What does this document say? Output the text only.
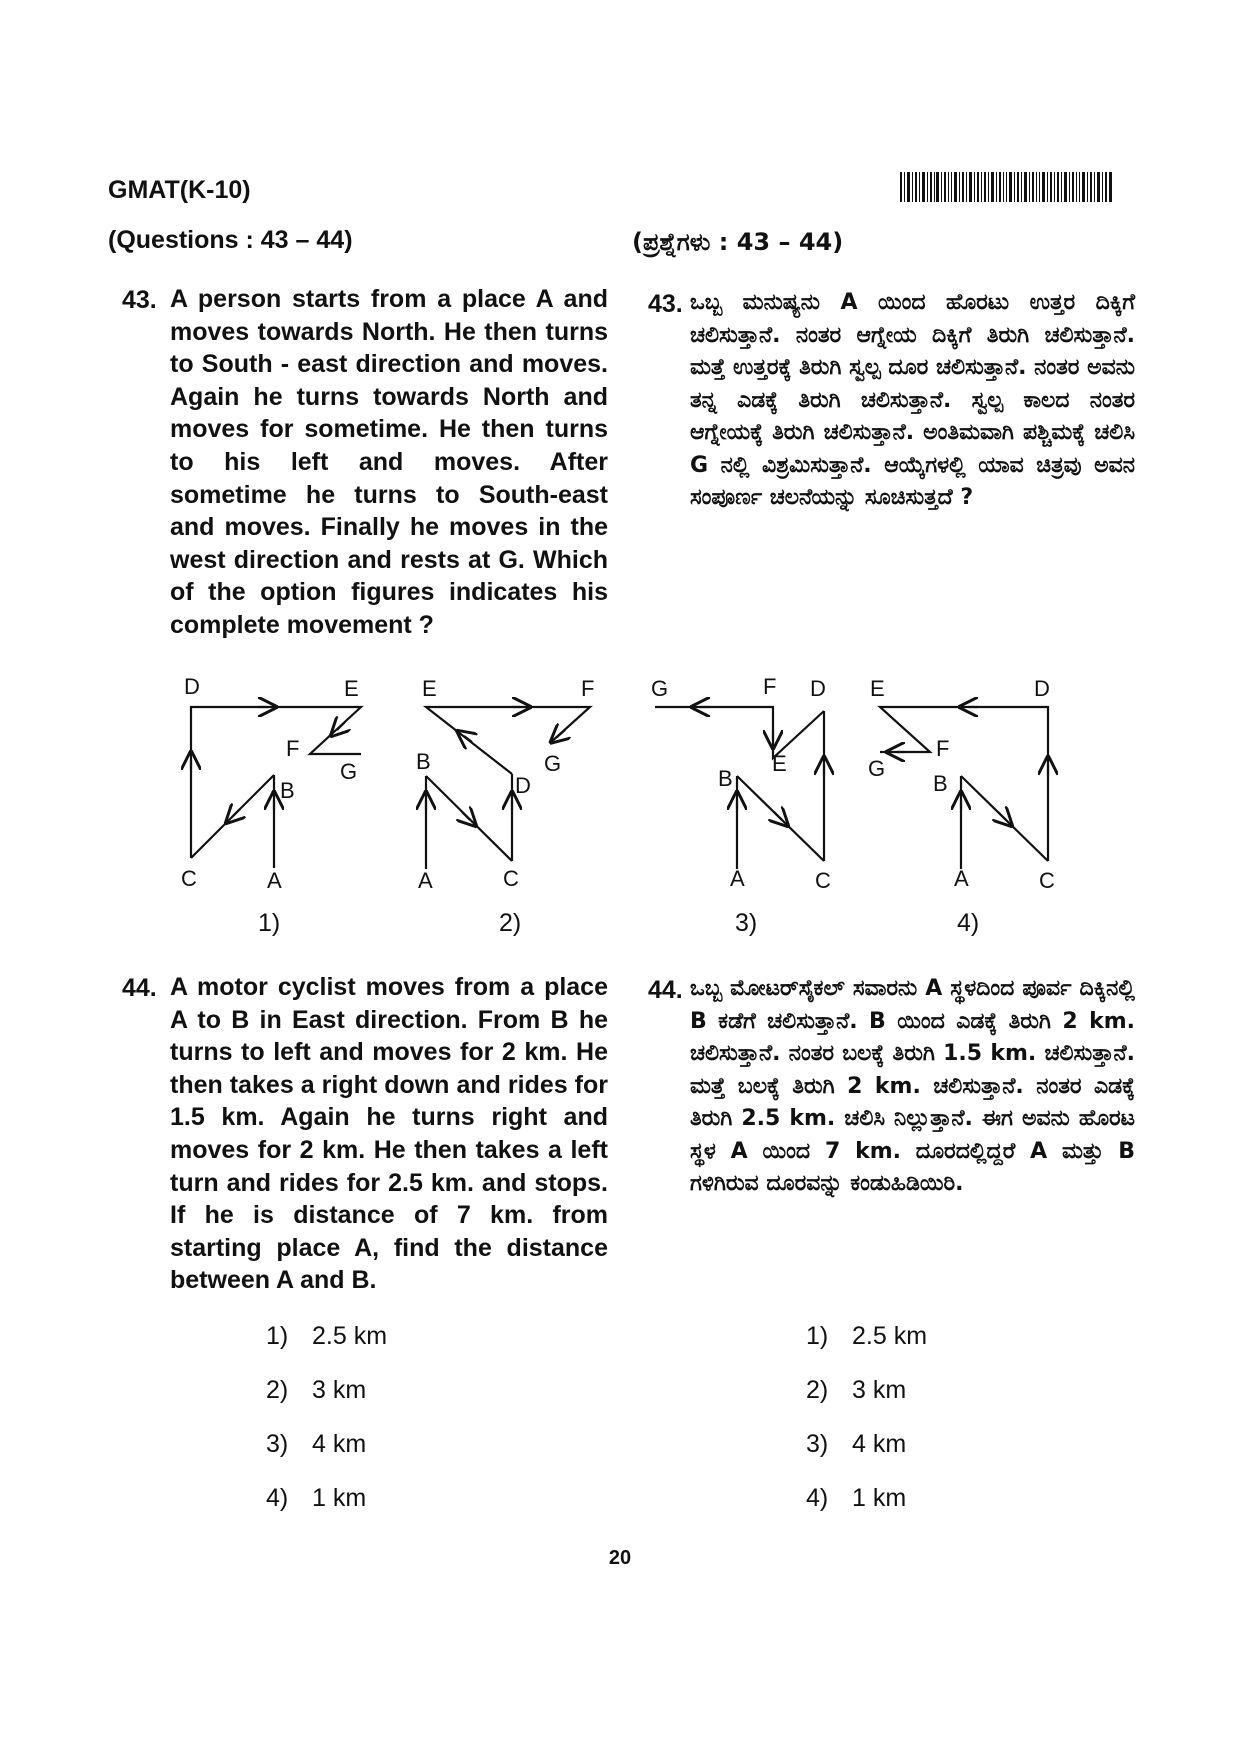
GMAT(K-10)
(Questions : 43 – 44)	(ಪ್ರಶ್ನೆಗಳು : 43 – 44)
43. A person starts from a place A and moves towards North. He then turns to South - east direction and moves. Again he turns towards North and moves for sometime. He then turns to his left and moves. After sometime he turns to South-east and moves. Finally he moves in the west direction and rests at G. Which of the option figures indicates his complete movement ?
43. ಒಬ್ಬ ಮನುಷ್ಯನು A ಯಿಂದ ಹೊರಟು ಉತ್ತರ ದಿಕ್ಕಿಗೆ ಚಲಿಸುತ್ತಾನೆ. ನಂತರ ಆಗ್ನೇಯ ದಿಕ್ಕಿಗೆ ತಿರುಗಿ ಚಲಿಸುತ್ತಾನೆ. ಮತ್ತೆ ಉತ್ತರಕ್ಕೆ ತಿರುಗಿ ಸ್ವಲ್ಪ ದೂರ ಚಲಿಸುತ್ತಾನೆ. ನಂತರ ಅವನು ತನ್ನ ಎಡಕ್ಕೆ ತಿರುಗಿ ಚಲಿಸುತ್ತಾನೆ. ಸ್ವಲ್ಪ ಕಾಲದ ನಂತರ ಆಗ್ನೇಯಕ್ಕೆ ತಿರುಗಿ ಚಲಿಸುತ್ತಾನೆ. ಅಂತಿಮವಾಗಿ ಪಶ್ಚಿಮಕ್ಕೆ ಚಲಿಸಿ G ನಲ್ಲಿ ವಿಶ್ರಮಿಸುತ್ತಾನೆ. ಆಯ್ಕೆಗಳಲ್ಲಿ ಯಾವ ಚಿತ್ರವು ಅವನ ಸಂಪೂರ್ಣ ಚಲನೆಯನ್ನು ಸೂಚಿಸುತ್ತದೆ ?
D	E
F
G
B
C	A
1)
E	F
G
B
D
A	C
2)
G	F D
E
B
A	C
3)
E	D
F
G
B
A	C
4)
44. A motor cyclist moves from a place A to B in East direction. From B he turns to left and moves for 2 km. He then takes a right down and rides for 1.5 km. Again he turns right and moves for 2 km. He then takes a left turn and rides for 2.5 km. and stops. If he is distance of 7 km. from starting place A, find the distance between A and B.
44. ಒಬ್ಬ ಮೋಟರ್‌ಸೈಕಲ್ ಸವಾರನು A ಸ್ಥಳದಿಂದ ಪೂರ್ವ ದಿಕ್ಕಿನಲ್ಲಿ B ಕಡೆಗೆ ಚಲಿಸುತ್ತಾನೆ. B ಯಿಂದ ಎಡಕ್ಕೆ ತಿರುಗಿ 2 km. ಚಲಿಸುತ್ತಾನೆ. ನಂತರ ಬಲಕ್ಕೆ ತಿರುಗಿ 1.5 km. ಚಲಿಸುತ್ತಾನೆ. ಮತ್ತೆ ಬಲಕ್ಕೆ ತಿರುಗಿ 2 km. ಚಲಿಸುತ್ತಾನೆ. ನಂತರ ಎಡಕ್ಕೆ ತಿರುಗಿ 2.5 km. ಚಲಿಸಿ ನಿಲ್ಲುತ್ತಾನೆ. ಈಗ ಅವನು ಹೊರಟ ಸ್ಥಳ A ಯಿಂದ 7 km. ದೂರದಲ್ಲಿದ್ದರೆ A ಮತ್ತು B ಗಳಿಗಿರುವ ದೂರವನ್ನು ಕಂಡುಹಿಡಿಯಿರಿ.
1) 2.5 km
2) 3 km
3) 4 km
4) 1 km
1) 2.5 km
2) 3 km
3) 4 km
4) 1 km
20
